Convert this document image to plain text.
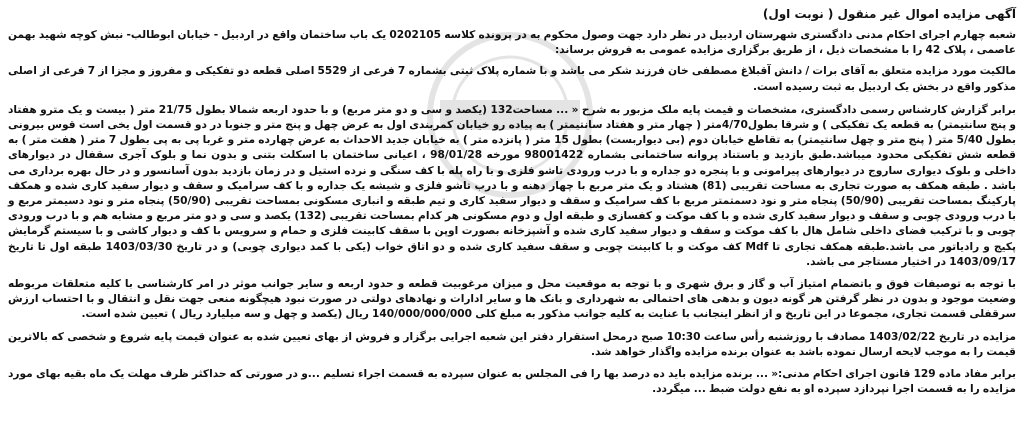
آگهی مزایده اموال غیر منقول ( نوبت اول)
شعبه چهارم اجرای احکام مدنی دادگستری شهرستان اردبیل در نظر دارد جهت وصول محکوم به در پرونده کلاسه 0202105 یک باب ساختمان واقع در اردبیل - خیابان ابوطالب- نبش کوچه شهید بهمن عاصمی ، پلاک 42 را با مشخصات ذیل ، از طریق برگزاری مزایده عمومی به فروش برساند:
مالکیت مورد مزایده متعلق به آقای برات / دانش آقبلاغ مصطفی خان فرزند شکر می باشد و با شماره پلاک ثبتی بشماره 7 فرعی از 5529 اصلی قطعه دو تفکیکی و مفروز و مجزا از 7 فرعی از اصلی مذکور واقع در بخش یک اردبیل به ثبت رسیده است.
برابر گزارش کارشناس رسمی دادگستری، مشخصات و قیمت پایه ملک مزبور به شرح « ... مساحت132 (یکصد و سی و دو متر مربع) و با حدود اربعه شمالا بطول 21/75 متر ( بیست و یک مترو هفتاد و پنج سانتیمتر) به قطعه یک تفکیکی ) و شرقا بطول4/70متر ( چهار متر و هفتاد سانتیمتر ) به پیاده رو خیابان کمربندی اول به عرض چهل و پنج متر و جنوبا در دو قسمت اول یخی است قوس بیرونی بطول 5/40 متر ( پنج متر و چهل سانتیمتر) به تقاطع خیابان دوم (بی دیواربست) بطول 15 متر ( پانزده متر ) به خیابان جدید الاحداث به عرض چهارده متر و غربا پی به پی بطول 7 متر ( هفت متر ) به قطعه شش تفکیکی محدود میباشد.طبق بازدید و باستناد پروانه ساختمانی بشماره 98001422 مورخه 98/01/28 ، اعیانی ساختمان با اسکلت بتنی و بدون نما و بلوک آجری سقفال در دیوارهای داخلی و بلوک دیواری ساروج در دیوارهای پیرامونی و با پنجره دو جداره و با درب ورودی تاشو فلزی و با راه پله با کف سنگی و نرده استیل و در زمان بازدید بدون آسانسور و در حال بهره برداری می باشد . طبقه همکف به صورت تجاری به مساحت تقریبی (81) هشتاد و یک متر مربع با چهار دهنه و با درب تاشو فلزی و شیشه یک جداره و با کف سرامیک و سقف و دیوار سفید کاری شده و همکف پارکینگ بمساحت تقریبی (50/90) پنجاه متر و نود دسمتمتر مربع با کف سرامیک و سقف و دیوار سفید کاری و تیم طبقه و انباری مسکونی بمساحت تقریبی (50/90) پنجاه متر و نود دسیمتر مربع و با درب ورودی چوبی و سقف و دیوار سفید کاری شده و با کف موکت و کفسازی و طبقه اول و دوم مسکونی هر کدام بمساحت تقریبی (132) یکصد و سی و دو متر مربع و مشابه هم و با درب ورودی چوبی و با ترکیب فضای داخلی شامل هال با کف موکت و سقف و دیوار سفید کاری شده و آشپزخانه بصورت اوپن با سقف کابینت فلزی و حمام و سرویس با کف و دیوار کاشی و با سیستم گرمایش پکیج و رادیاتور می باشد.طبقه همکف تجاری تا Mdf کف موکت و با کابینت چوبی و سقف سفید کاری شده و دو اتاق خواب (یکی با کمد دیواری چوبی) و در تاریخ 1403/03/30 طبقه اول تا تاریخ 1403/09/17 در اختیار مستاجر می باشد.
با توجه به توصیفات فوق و باتضمام امتیاز آب و گاز و برق شهری و با توجه به موقعیت محل و میزان مرغوبیت قطعه و حدود اربعه و سایر جوانب موثر در امر کارشناسی با کلیه متعلقات مربوطه وضعیت موجود و بدون در نظر گرفتن هر گونه دیون و بدهی های احتمالی به شهرداری و بانک ها و سایر ادارات و نهادهای دولتی در صورت نبود هیچگونه منعی جهت نقل و انتقال و با احتساب ارزش سرقفلی قسمت تجاری، مجموعا در این تاریخ و از انظر اینجانب با عنایت به کلیه جوانب مذکور به مبلغ کلی 140/000/000/000 ریال (یکصد و چهل و سه میلیارد ریال ) تعیین شده است.
مزایده در تاریخ 1403/02/22 مصادف با روزشنبه رأس ساعت 10:30 صبح درمحل استقرار دفتر این شعبه اجرایی برگزار و فروش از بهای تعیین شده به عنوان قیمت پایه شروع و شخصی که بالاترین قیمت را به موجب لایحه ارسال نموده باشد به عنوان برنده مزایده واگذار خواهد شد.
برابر مفاد ماده 129 قانون اجرای احکام مدنی:« ... برنده مزایده باید ده درصد بها را فی المجلس به عنوان سپرده به قسمت اجراء تسلیم ...و در صورتی که حداکثر ظرف مهلت یک ماه بقیه بهای مورد مزایده را به قسمت اجرا نپردازد سپرده او به نفع دولت ضبط ... میگردد.
